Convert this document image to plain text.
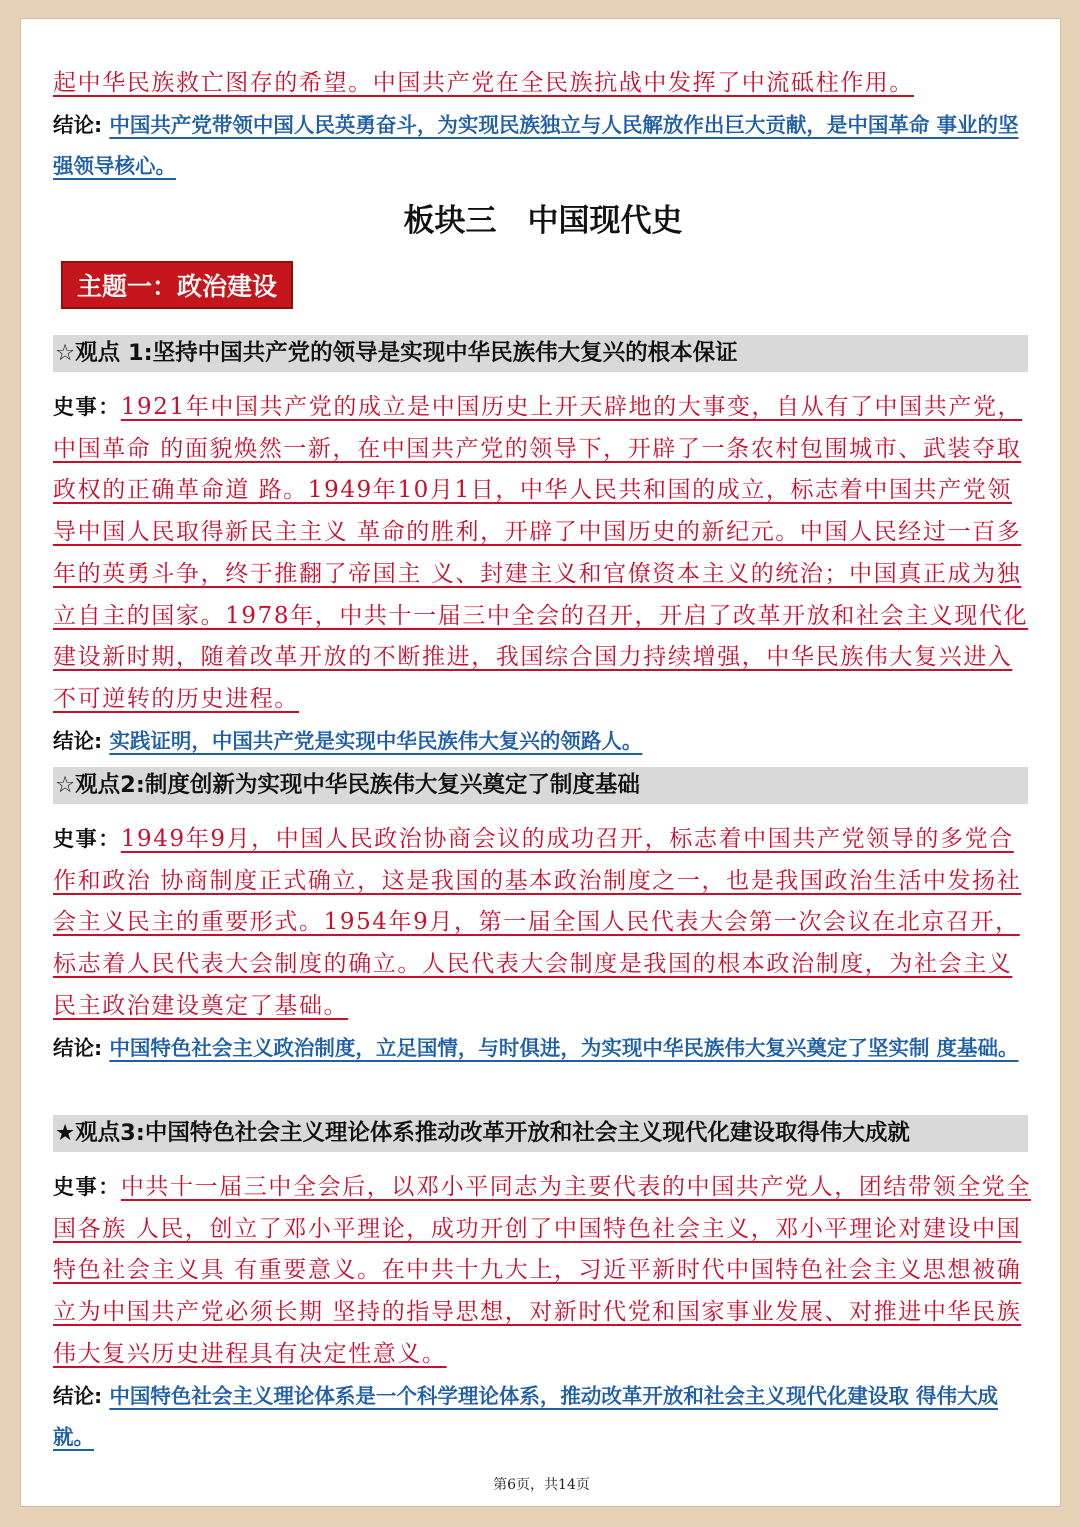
起中华民族救亡图存的希望。中国共产党在全民族抗战中发挥了中流砥柱作用。
结论: 中国共产党带领中国人民英勇奋斗，为实现民族独立与人民解放作出巨大贡献，是中国革命 事业的坚强领导核心。
板块三　中国现代史
主题一：政治建设
☆观点 1:坚持中国共产党的领导是实现中华民族伟大复兴的根本保证
史事：1921年中国共产党的成立是中国历史上开天辟地的大事变，自从有了中国共产党，中国革命 的面貌焕然一新，在中国共产党的领导下，开辟了一条农村包围城市、武装夺取政权的正确革命道 路。1949年10月1日，中华人民共和国的成立，标志着中国共产党领导中国人民取得新民主主义 革命的胜利，开辟了中国历史的新纪元。中国人民经过一百多年的英勇斗争，终于推翻了帝国主 义、封建主义和官僚资本主义的统治；中国真正成为独立自主的国家。1978年，中共十一届三中全会的召开，开启了改革开放和社会主义现代化建设新时期，随着改革开放的不断推进，我国综合国力持续增强，中华民族伟大复兴进入不可逆转的历史进程。
结论: 实践证明，中国共产党是实现中华民族伟大复兴的领路人。
☆观点2:制度创新为实现中华民族伟大复兴奠定了制度基础
史事：1949年9月，中国人民政治协商会议的成功召开，标志着中国共产党领导的多党合作和政治 协商制度正式确立，这是我国的基本政治制度之一，也是我国政治生活中发扬社会主义民主的重要形式。1954年9月，第一届全国人民代表大会第一次会议在北京召开，标志着人民代表大会制度的确立。人民代表大会制度是我国的根本政治制度，为社会主义民主政治建设奠定了基础。
结论: 中国特色社会主义政治制度，立足国情，与时俱进，为实现中华民族伟大复兴奠定了坚实制 度基础。
★观点3:中国特色社会主义理论体系推动改革开放和社会主义现代化建设取得伟大成就
史事：中共十一届三中全会后，以邓小平同志为主要代表的中国共产党人，团结带领全党全国各族 人民，创立了邓小平理论，成功开创了中国特色社会主义，邓小平理论对建设中国特色社会主义具 有重要意义。在中共十九大上，习近平新时代中国特色社会主义思想被确立为中国共产党必须长期 坚持的指导思想，对新时代党和国家事业发展、对推进中华民族伟大复兴历史进程具有决定性意义。
结论: 中国特色社会主义理论体系是一个科学理论体系，推动改革开放和社会主义现代化建设取 得伟大成就。
第6页，共14页
